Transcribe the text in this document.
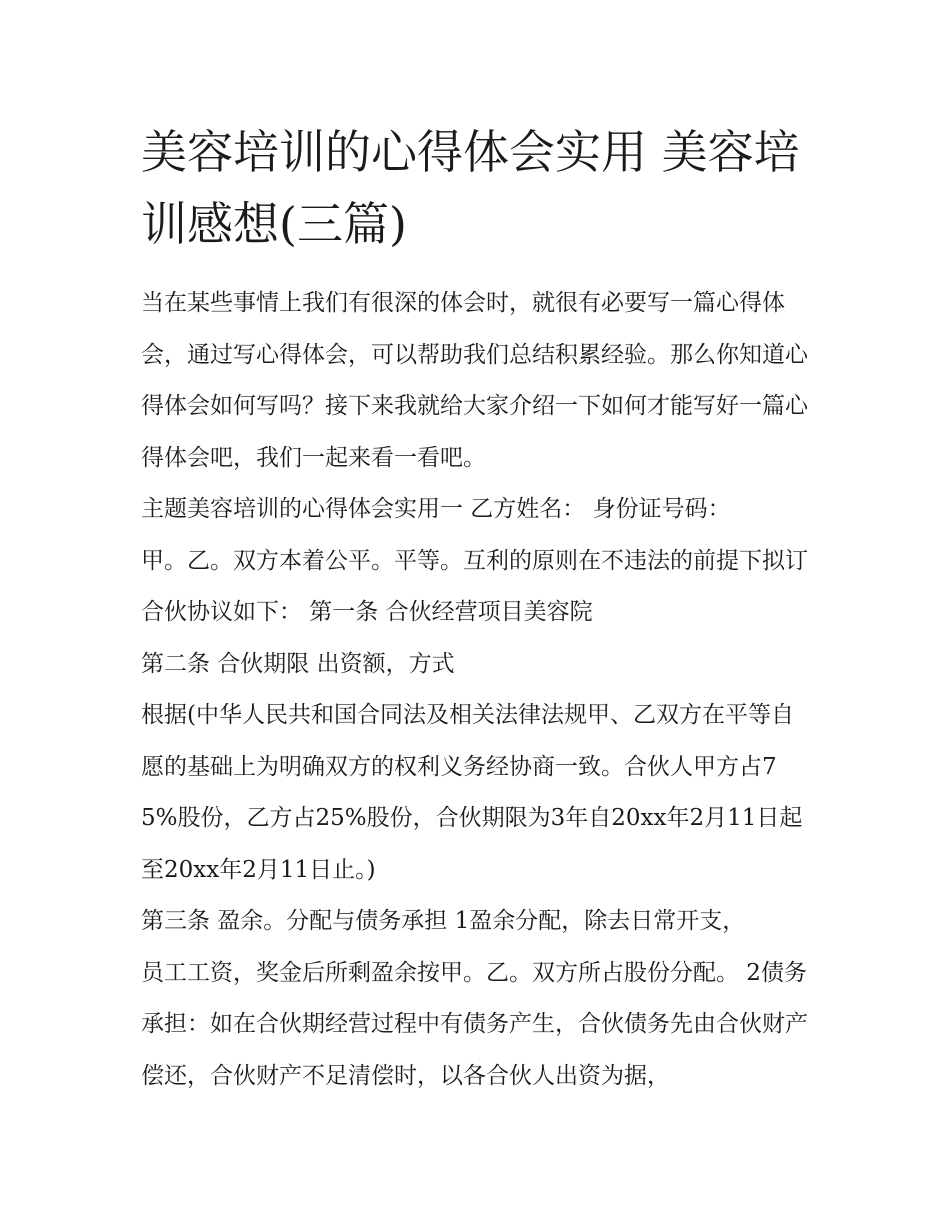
美容培训的心得体会实用 美容培训感想(三篇)

当在某些事情上我们有很深的体会时，就很有必要写一篇心得体会，通过写心得体会，可以帮助我们总结积累经验。那么你知道心得体会如何写吗？接下来我就给大家介绍一下如何才能写好一篇心得体会吧，我们一起来看一看吧。

主题美容培训的心得体会实用一 乙方姓名： 身份证号码：

甲。乙。双方本着公平。平等。互利的原则在不违法的前提下拟订合伙协议如下： 第一条 合伙经营项目美容院

第二条 合伙期限 出资额，方式

根据(中华人民共和国合同法及相关法律法规甲、乙双方在平等自愿的基础上为明确双方的权利义务经协商一致。合伙人甲方占75%股份，乙方占25%股份，合伙期限为3年自20xx年2月11日起至20xx年2月11日止。)

第三条 盈余。分配与债务承担 1盈余分配，除去日常开支，

员工工资，奖金后所剩盈余按甲。乙。双方所占股份分配。 2债务承担：如在合伙期经营过程中有债务产生，合伙债务先由合伙财产偿还，合伙财产不足清偿时，以各合伙人出资为据，
